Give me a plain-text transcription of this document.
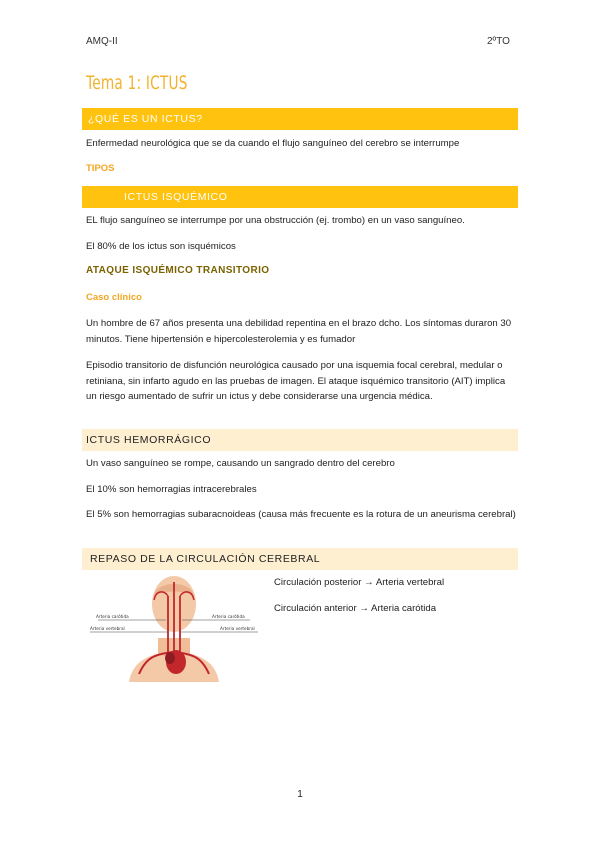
AMQ-II	2ºTO
Tema 1: ICTUS
¿QUÉ ES UN ICTUS?
Enfermedad neurológica que se da cuando el flujo sanguíneo del cerebro se interrumpe
TIPOS
ICTUS ISQUÉMICO
EL flujo sanguíneo se interrumpe por una obstrucción (ej. trombo) en un vaso sanguíneo.
El 80% de los ictus son isquémicos
ATAQUE ISQUÉMICO TRANSITORIO
Caso clínico
Un hombre de 67 años presenta una debilidad repentina en el brazo dcho. Los síntomas duraron 30 minutos. Tiene hipertensión e hipercolesterolemia y es fumador
Episodio transitorio de disfunción neurológica causado por una isquemia focal cerebral, medular o retiniana, sin infarto agudo en las pruebas de imagen. El ataque isquémico transitorio (AIT) implica un riesgo aumentado de sufrir un ictus y debe considerarse una urgencia médica.
ICTUS HEMORRÁGICO
Un vaso sanguíneo se rompe, causando un sangrado dentro del cerebro
El 10% son hemorragias intracerebrales
El 5% son hemorragias subaracnoideas (causa más frecuente es la rotura de un aneurisma cerebral)
REPASO DE LA CIRCULACIÓN CEREBRAL
Circulación posterior → Arteria vertebral
Circulación anterior → Arteria carótida
Arteria carótida	Arteria carótida
Arteria vertebral	Arteria vertebral
1
